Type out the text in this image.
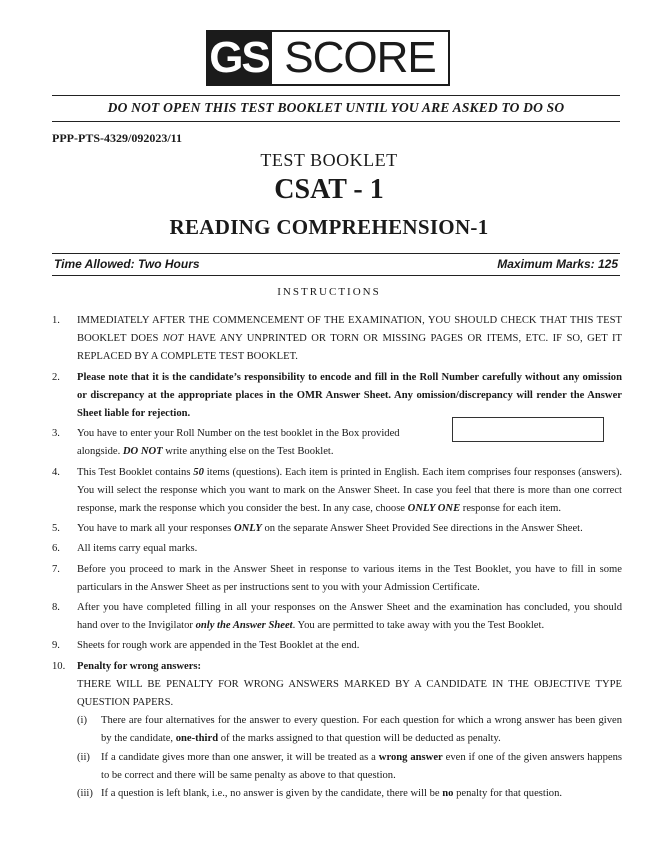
GS SCORE
DO NOT OPEN THIS TEST BOOKLET UNTIL YOU ARE ASKED TO DO SO
PPP-PTS-4329/092023/11
TEST BOOKLET
CSAT - 1
READING COMPREHENSION-1
Time Allowed: Two Hours	Maximum Marks: 125
INSTRUCTIONS
1.	IMMEDIATELY AFTER THE COMMENCEMENT OF THE EXAMINATION, YOU SHOULD CHECK THAT THIS TEST BOOKLET DOES NOT HAVE ANY UNPRINTED OR TORN OR MISSING PAGES OR ITEMS, ETC. IF SO, GET IT REPLACED BY A COMPLETE TEST BOOKLET.
2.	Please note that it is the candidate’s responsibility to encode and fill in the Roll Number carefully without any omission or discrepancy at the appropriate places in the OMR Answer Sheet. Any omission/discrepancy will render the Answer Sheet liable for rejection.
3.	You have to enter your Roll Number on the test booklet in the Box provided
alongside. DO NOT write anything else on the Test Booklet.
4.	This Test Booklet contains 50 items (questions). Each item is printed in English. Each item comprises four responses (answers). You will select the response which you want to mark on the Answer Sheet. In case you feel that there is more than one correct response, mark the response which you consider the best. In any case, choose ONLY ONE response for each item.
5.	You have to mark all your responses ONLY on the separate Answer Sheet Provided See directions in the Answer Sheet.
6.	All items carry equal marks.
7.	Before you proceed to mark in the Answer Sheet in response to various items in the Test Booklet, you have to fill in some particulars in the Answer Sheet as per instructions sent to you with your Admission Certificate.
8.	After you have completed filling in all your responses on the Answer Sheet and the examination has concluded, you should hand over to the Invigilator only the Answer Sheet. You are permitted to take away with you the Test Booklet.
9.	Sheets for rough work are appended in the Test Booklet at the end.
10.	Penalty for wrong answers:
THERE WILL BE PENALTY FOR WRONG ANSWERS MARKED BY A CANDIDATE IN THE OBJECTIVE TYPE QUESTION PAPERS.
(i)	There are four alternatives for the answer to every question. For each question for which a wrong answer has been given by the candidate, one-third of the marks assigned to that question will be deducted as penalty.
(ii)	If a candidate gives more than one answer, it will be treated as a wrong answer even if one of the given answers happens to be correct and there will be same penalty as above to that question.
(iii) If a question is left blank, i.e., no answer is given by the candidate, there will be no penalty for that question.
